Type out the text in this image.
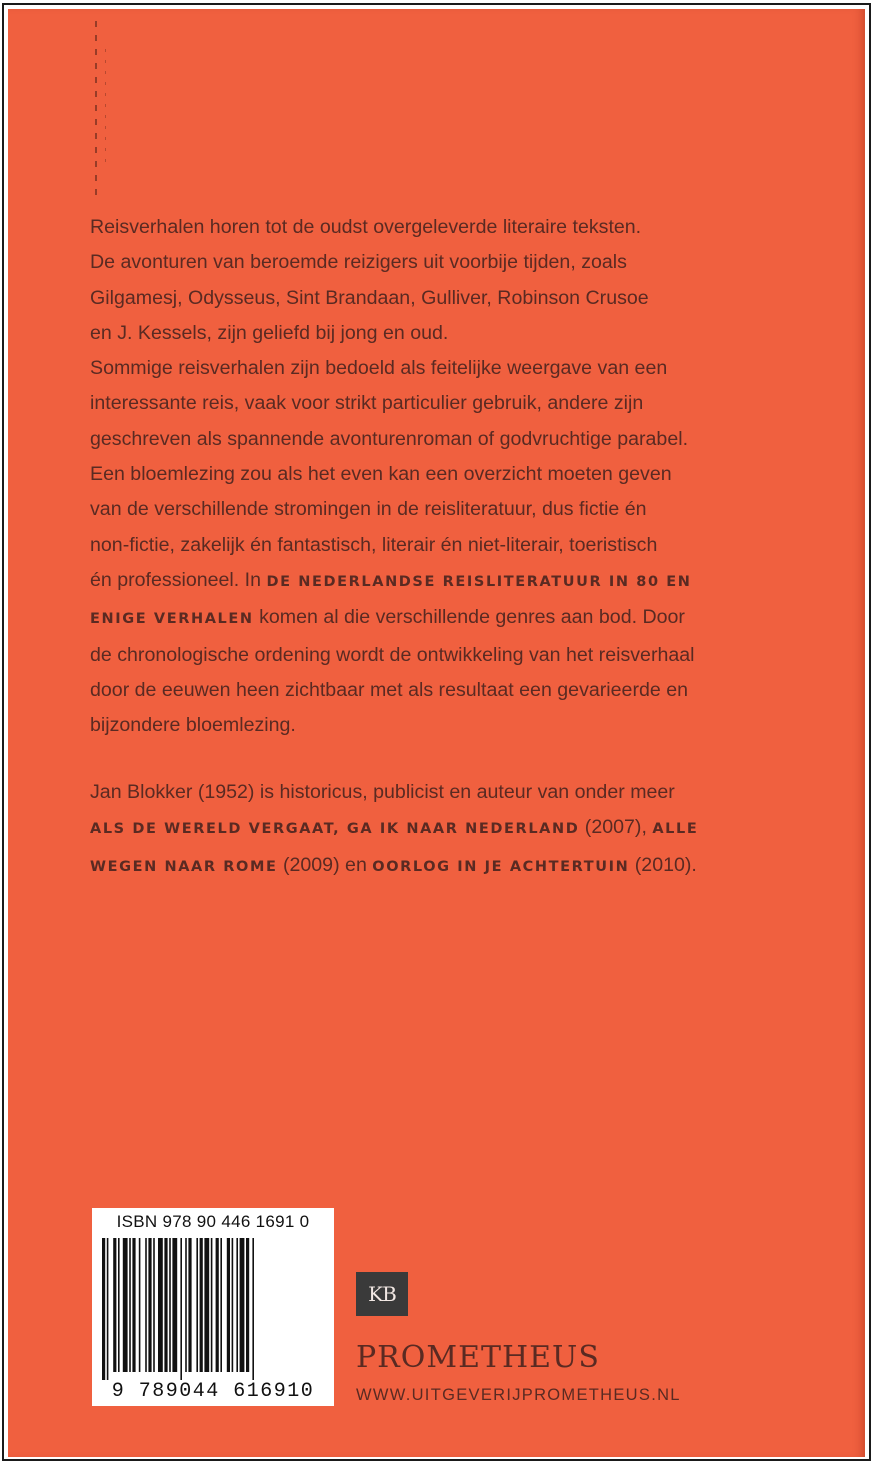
Reisverhalen horen tot de oudst overgeleverde literaire teksten.

De avonturen van beroemde reizigers uit voorbije tijden, zoals

Gilgamesj, Odysseus, Sint Brandaan, Gulliver, Robinson Crusoe

en J. Kessels, zijn geliefd bij jong en oud.

Sommige reisverhalen zijn bedoeld als feitelijke weergave van een

interessante reis, vaak voor strikt particulier gebruik, andere zijn

geschreven als spannende avonturenroman of godvruchtige parabel.

Een bloemlezing zou als het even kan een overzicht moeten geven

van de verschillende stromingen in de reisliteratuur, dus fictie én

non-fictie, zakelijk én fantastisch, literair én niet-literair, toeristisch

én professioneel. In DE NEDERLANDSE REISLITERATUUR IN 80 EN

ENIGE VERHALEN komen al die verschillende genres aan bod. Door

de chronologische ordening wordt de ontwikkeling van het reisverhaal

door de eeuwen heen zichtbaar met als resultaat een gevarieerde en

bijzondere bloemlezing.

Jan Blokker (1952) is historicus, publicist en auteur van onder meer

ALS DE WERELD VERGAAT, GA IK NAAR NEDERLAND (2007), ALLE

WEGEN NAAR ROME (2009) en OORLOG IN JE ACHTERTUIN (2010).

ISBN 978 90 446 1691 0
9 789044 616910
KB
PROMETHEUS
WWW.UITGEVERIJPROMETHEUS.NL
